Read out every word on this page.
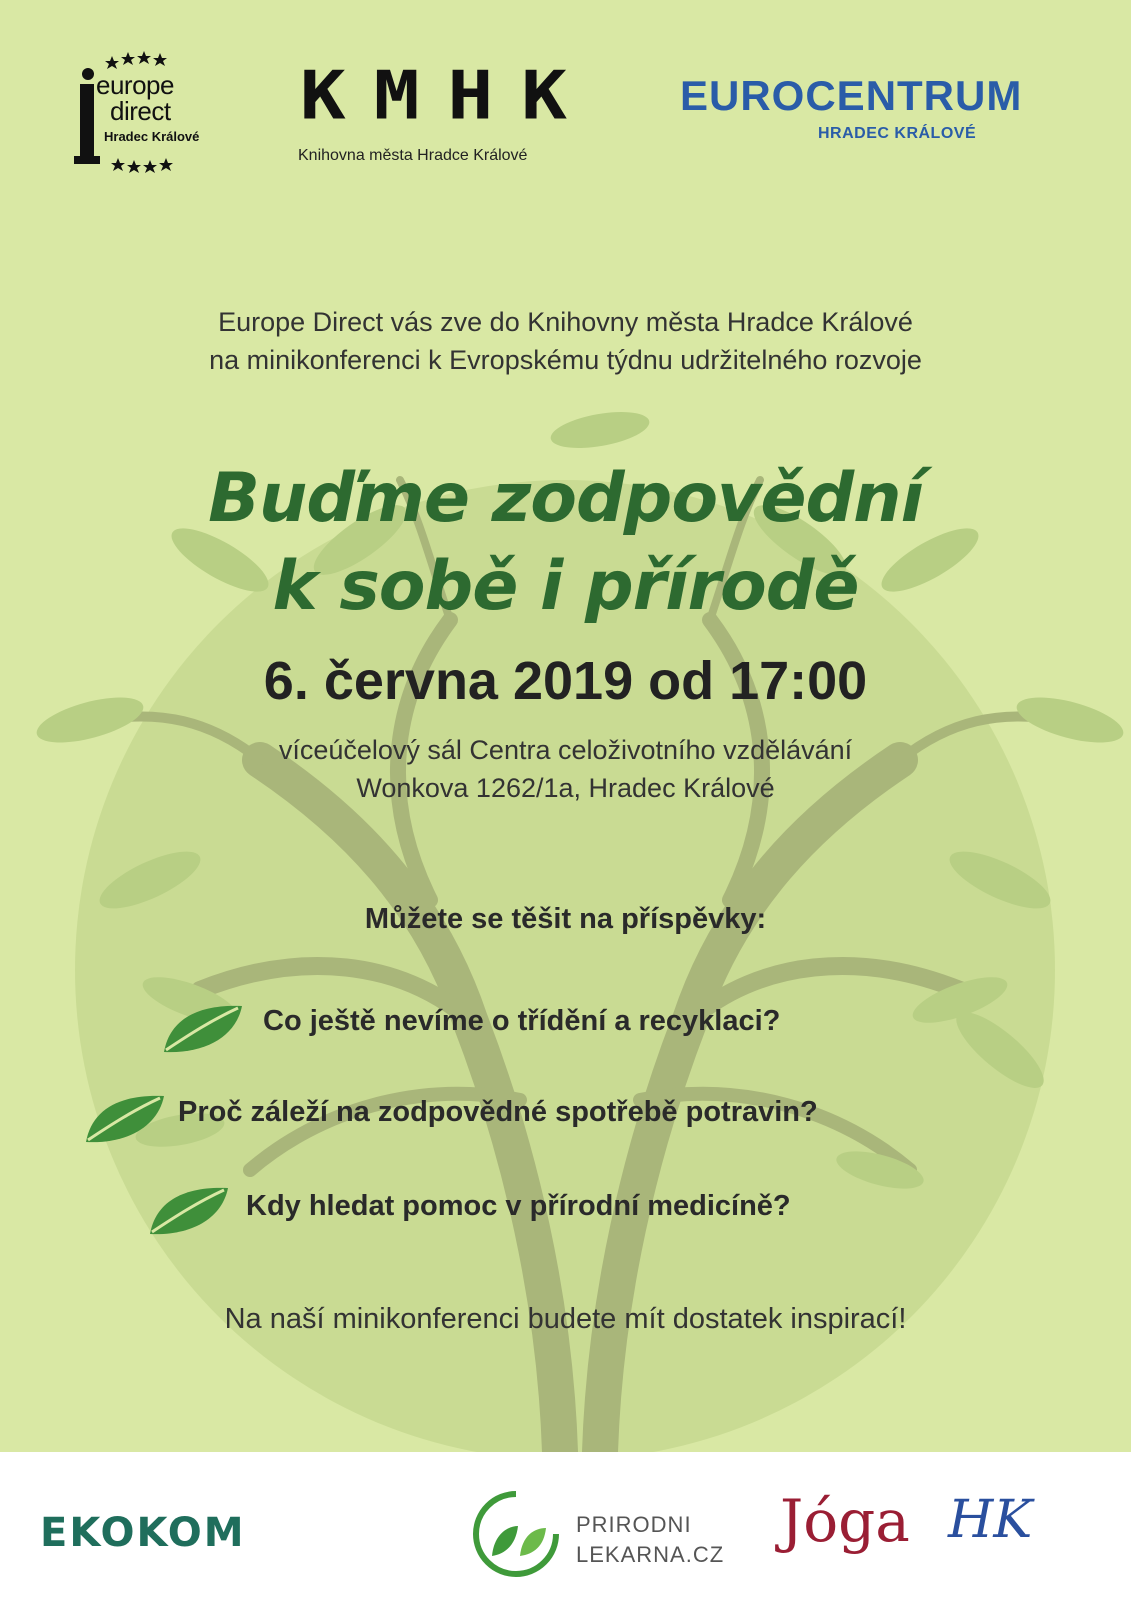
europe
direct
Hradec Králové
KMHK
Knihovna města Hradce Králové
EUROCENTRUM
HRADEC KRÁLOVÉ
Europe Direct vás zve do Knihovny města Hradce Králové
na minikonferenci k Evropskému týdnu udržitelného rozvoje
Buďme zodpovědní
k sobě i přírodě
6. června 2019 od 17:00
víceúčelový sál Centra celoživotního vzdělávání
Wonkova 1262/1a, Hradec Králové
Můžete se těšit na příspěvky:
Co ještě nevíme o třídění a recyklaci?
Proč záleží na zodpovědné spotřebě potravin?
Kdy hledat pomoc v přírodní medicíně?
Na naší minikonferenci budete mít dostatek inspirací!
EKOKOM	PRIRODNI
LEKARNA.CZ Jóga HK
